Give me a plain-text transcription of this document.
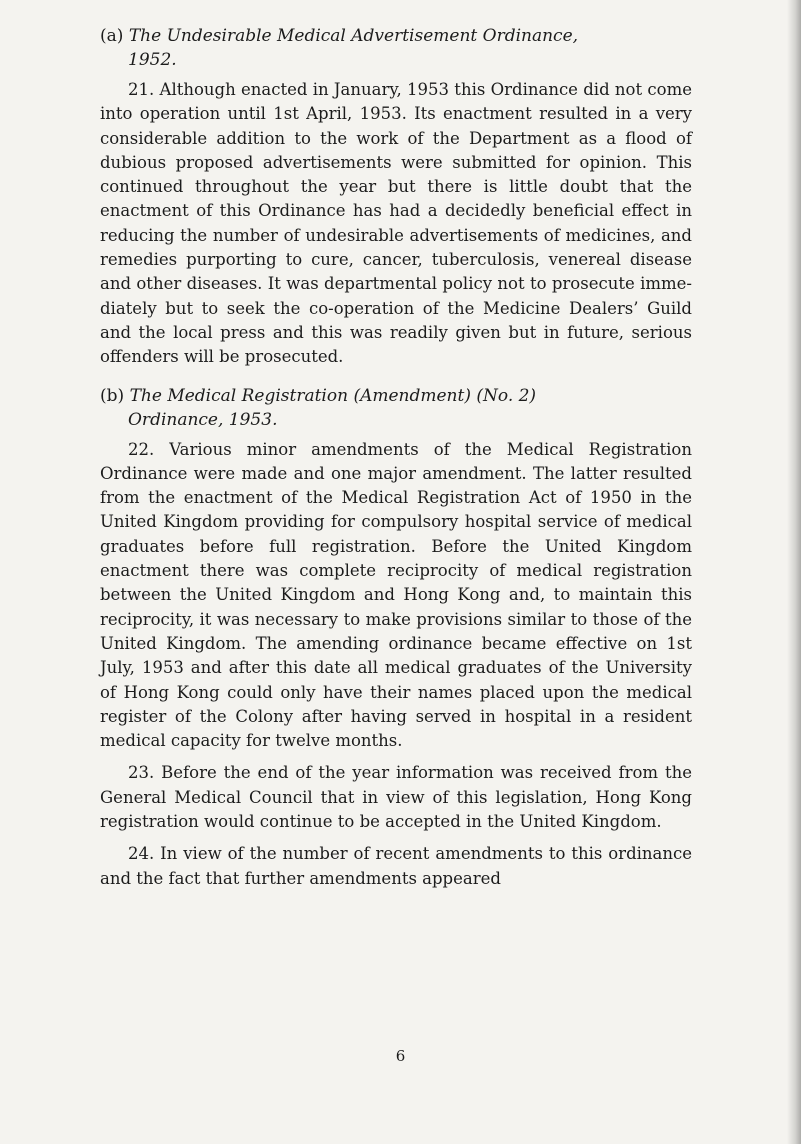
(a) The Undesirable Medical Advertisement Ordinance,
1952.

21. Although enacted in January, 1953 this Ordinance did not come into operation until 1st April, 1953. Its enactment resulted in a very considerable addition to the work of the Department as a flood of dubious proposed advertisements were submitted for opinion. This continued throughout the year but there is little doubt that the enactment of this Ordinance has had a decidedly beneficial effect in reducing the number of undesirable advertisements of medicines, and remedies purporting to cure, cancer, tuberculosis, venereal disease and other diseases. It was departmental policy not to prosecute immediately but to seek the co-operation of the Medicine Dealers’ Guild and the local press and this was readily given but in future, serious offenders will be prosecuted.

(b) The Medical Registration (Amendment) (No. 2)
Ordinance, 1953.

22. Various minor amendments of the Medical Registration Ordinance were made and one major amendment. The latter resulted from the enactment of the Medical Registration Act of 1950 in the United Kingdom providing for compulsory hospital service of medical graduates before full registration. Before the United Kingdom enactment there was complete reciprocity of medical registration between the United Kingdom and Hong Kong and, to maintain this reciprocity, it was necessary to make provisions similar to those of the United Kingdom. The amending ordinance became effective on 1st July, 1953 and after this date all medical graduates of the University of Hong Kong could only have their names placed upon the medical register of the Colony after having served in hospital in a resident medical capacity for twelve months.

23. Before the end of the year information was received from the General Medical Council that in view of this legislation, Hong Kong registration would continue to be accepted in the United Kingdom.

24. In view of the number of recent amendments to this ordinance and the fact that further amendments appeared

6
